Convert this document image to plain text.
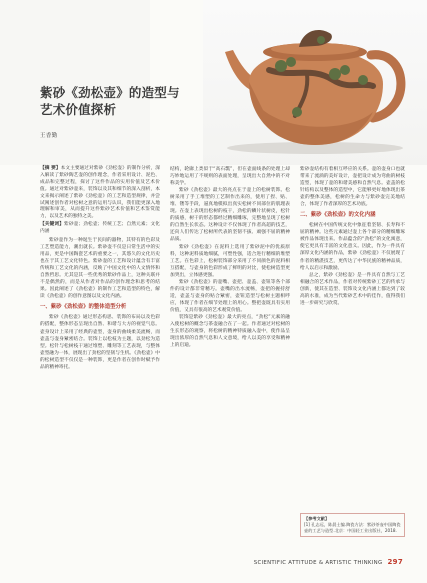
紫砂《劲松壶》的造型与艺术价值探析
王香勤

【摘 要】本文主要通过对紫砂《劲松壶》的制作分析，深入解读了紫砂陶艺壶的创作理念，作者采用设计、泥色、成品和完整过程，探讨了这件作品的实用价值及艺术价值。通过对紫砂壶来，装饰以及其和细节的深入剖析，本文来揭示阐述了紫砂《劲松壶》的工艺和造型规律，并尝试阐述创作者对松树之意的运用与认识，我们能更深入地理解和审美，从而提升这件紫砂艺术价值和艺术鉴赏能力，以及艺术的独特之美。

【关键词】紫砂壶；劲松壶；传统工艺；自然元素；文化内涵

紫砂壶作为一种诞生于民间的器物，其特有的色彩及工艺塑造能力，潮出就长。紫砂壶不仅是日常生活中的实用品，更是中国陶瓷艺术的重要之一，其悠久的文化历史也在于其工艺文化特色。紫砂壶的工艺和设计蕴含有丰富传统和工艺文化的内涵，反映了中国文化中的人文情怀和自然哲思。尤其是其一些优秀的紫砂作品上，这种关联并不是偶然的，而是从作者对作品的创作理念和思考的结果。因此阐述了《劲松壶》的制作工艺和造型的特色，解读《劲松壶》的创作意图以及文化内涵。

一、紫砂《劲松壶》的整体造型分析

紫砂《劲松壶》通过形态构思、装饰的布局以及色彩的搭配，整体形态呈现出自然、和谐与大方的视觉气息。壶身设计上采用了经典的壶型，壶身的曲线柔美流畅，而壶盖与壶身紧密结合。装饰上以松枝为主题，以劲松为造型。松针与松树枝干通过堆塑、雕刻等工艺表现，与整体壶型融为一体，展现出了劲松的坚韧与生机。《劲松壶》中的松树造型不仅仅是一种装饰，更是作者在创作时赋予作品的精神寄托。

结构，轮廓上类似于“高石瓢”，但在壶面线条的处理上却巧妙地运用了不规则的表面处理，呈现出大自然中的不对称美学。

紫砂《劲松壶》最大的亮点在于壶上的松树装饰。松树采用了手工堆塑的工艺制作出来的，使用了捏、贴、堆、镂等手段，逼真地模拟出真实松树不同部位的肌理表现。在壶上表现出松树的枝干，劲松的鳞片状树皮，松针的质感，树干的形态都经过精细雕琢，完整地呈现了松树的自然生长状态。这种设计不仅体现了作者高超的技艺，还向人们传达了松树所代表的坚韧不拔、顽强不屈的精神品质。

紫砂《劲松壶》在泥料上选用了紫砂泥中的优质原料，这种泥料质地细腻，可塑性强，适合进行精细的堆塑工艺。在色彩上，松树装饰部分采用了不同颜色的泥料相互搭配，与壶身的色彩形成了鲜明的对比，使松树造型更加突出，立体感更强。

紫砂《劲松壶》的壶嘴、壶把、壶盖、壶钮等各个部件的设计都非常精巧。壶嘴的出水流畅，壶把的握持舒适，壶盖与壶身的贴合紧密，壶钮造型与松树主题相呼应，体现了作者在细节处理上的用心。整把壶既具有实用价值，又具有很高的艺术观赏价值。

装饰是紫砂《劲松壶》最大的亮点，“劲松”元素的融入使松树的概念与茶壶融合在了一起。作者通过对松树的生长形态的观察，将松树的精神特质融入壶中，使作品呈现出浓厚的自然气息和人文意境，给人以美的享受和精神上的启迪。

紫砂壶结构有着相互呼应的关系。壶的壶身口也就带来了流淌的美好设计，壶把设计成为弯曲的树枝造型，体现了壶的和谐美感和自然气息。壶盖的松针结构以及整体的造型中，它能够更好地体现出茶壶的整体美感，松树的生命力与紫砂壶完美地结合，体现了作者深厚的艺术功底。

二、紫砂《劲松壶》的文化内涵

松树在中国传统文化中象征着坚韧、长寿和不屈的精神。这些元素通过壶上各个部分的精细雕琢被作品体现出来。作品蕴含的“劲松”的文化寓意，使它更具有丰富的文化意义。因此，作为一件具有深厚文化内涵的作品，紫砂《劲松壶》不仅展现了作者的精湛技艺，更传达了中华民族的精神品质，给人以启示和激励。

总之，紫砂《劲松壶》是一件具有自然与工艺相融合的艺术作品，作者对传统紫砂工艺的传承与创新，使其在造型、装饰及文化内涵上都达到了较高的水准，成为当代紫砂艺术中的佳作，值得我们进一步研究与欣赏。

【参考文献】
[1] 孔志远，陈晨士编.陶瓷方法：紫砂茶壶中国陶瓷壶的工艺与造型.北京：中国轻工业出版社，2018.
SCIENTIFIC ATTITUDE & ARTISTIC THINKING 297
